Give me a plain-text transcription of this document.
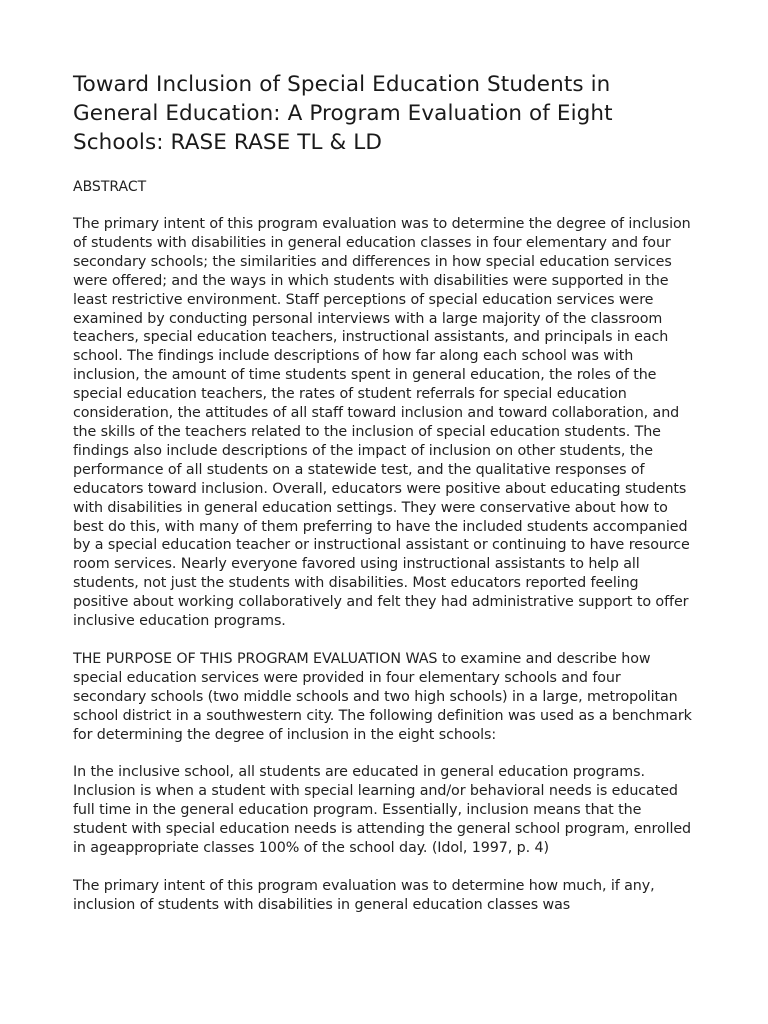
Toward Inclusion of Special Education Students in General Education: A Program Evaluation of Eight Schools: RASE RASE TL & LD
ABSTRACT

The primary intent of this program evaluation was to determine the degree of inclusion of students with disabilities in general education classes in four elementary and four secondary schools; the similarities and differences in how special education services were offered; and the ways in which students with disabilities were supported in the least restrictive environment. Staff perceptions of special education services were examined by conducting personal interviews with a large majority of the classroom teachers, special education teachers, instructional assistants, and principals in each school. The findings include descriptions of how far along each school was with inclusion, the amount of time students spent in general education, the roles of the special education teachers, the rates of student referrals for special education consideration, the attitudes of all staff toward inclusion and toward collaboration, and the skills of the teachers related to the inclusion of special education students. The findings also include descriptions of the impact of inclusion on other students, the performance of all students on a statewide test, and the qualitative responses of educators toward inclusion. Overall, educators were positive about educating students with disabilities in general education settings. They were conservative about how to best do this, with many of them preferring to have the included students accompanied by a special education teacher or instructional assistant or continuing to have resource room services. Nearly everyone favored using instructional assistants to help all students, not just the students with disabilities. Most educators reported feeling positive about working collaboratively and felt they had administrative support to offer inclusive education programs.

THE PURPOSE OF THIS PROGRAM EVALUATION WAS to examine and describe how special education services were provided in four elementary schools and four secondary schools (two middle schools and two high schools) in a large, metropolitan school district in a southwestern city. The following definition was used as a benchmark for determining the degree of inclusion in the eight schools:

In the inclusive school, all students are educated in general education programs. Inclusion is when a student with special learning and/or behavioral needs is educated full time in the general education program. Essentially, inclusion means that the student with special education needs is attending the general school program, enrolled in ageappropriate classes 100% of the school day. (Idol, 1997, p. 4)

The primary intent of this program evaluation was to determine how much, if any, inclusion of students with disabilities in general education classes was
